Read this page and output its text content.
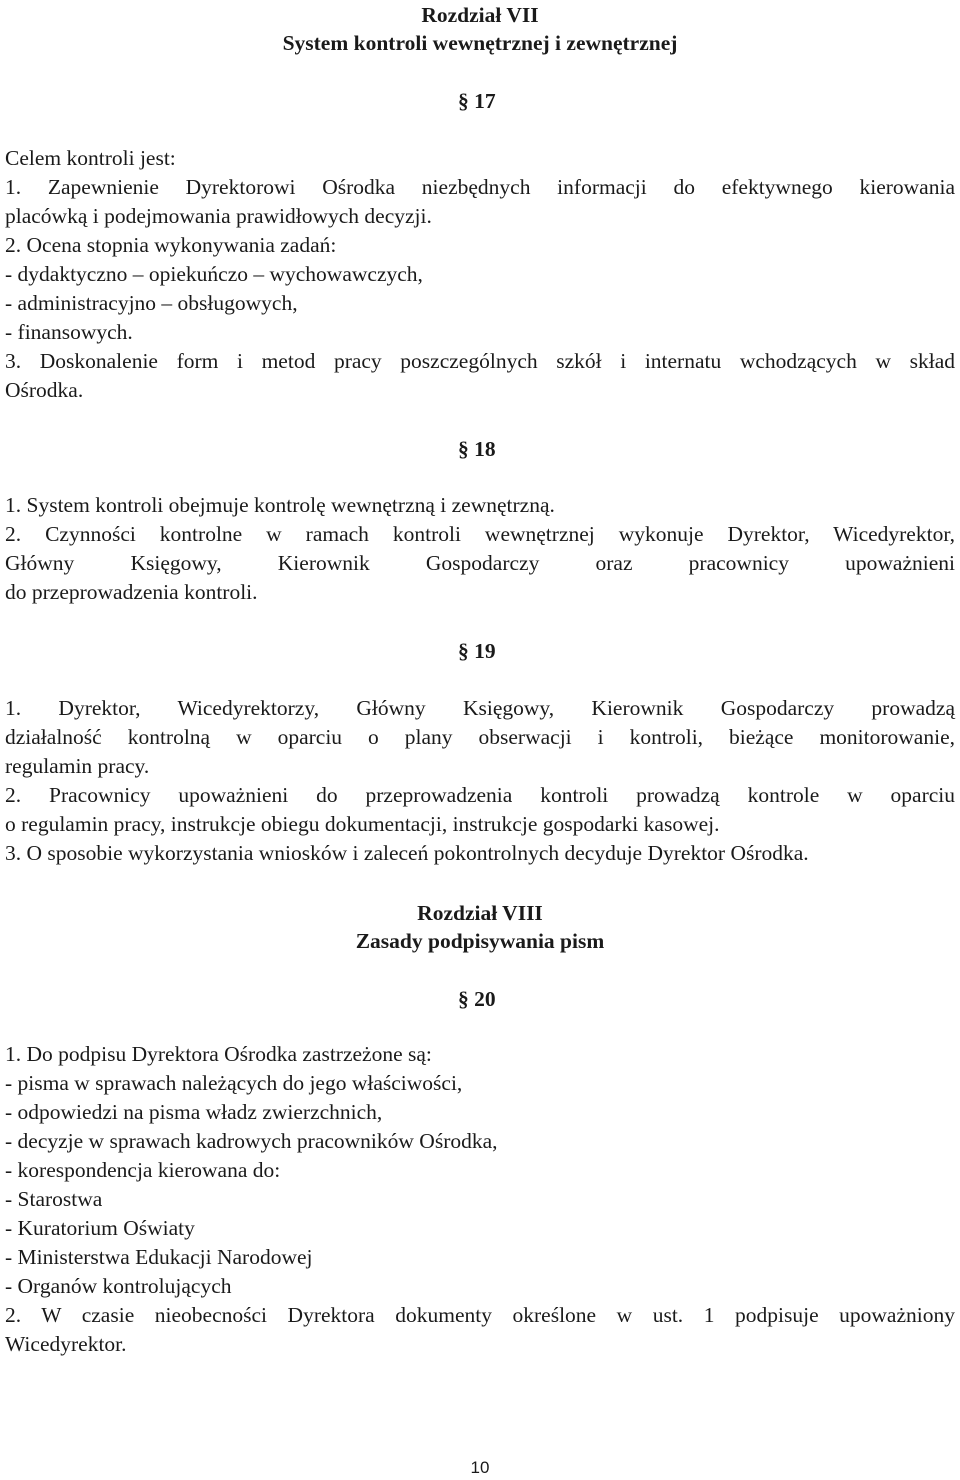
Rozdział VII

System kontroli wewnętrznej i zewnętrznej

§ 17

Celem kontroli jest:

1. Zapewnienie Dyrektorowi Ośrodka niezbędnych informacji do efektywnego kierowania

placówką i podejmowania prawidłowych decyzji.

2. Ocena stopnia wykonywania zadań:

- dydaktyczno – opiekuńczo – wychowawczych,

- administracyjno – obsługowych,

- finansowych.

3. Doskonalenie form i metod pracy poszczególnych szkół i internatu wchodzących w skład

Ośrodka.

§ 18

1. System kontroli obejmuje kontrolę wewnętrzną i zewnętrzną.

2. Czynności kontrolne w ramach kontroli wewnętrznej wykonuje Dyrektor, Wicedyrektor,

Główny Księgowy, Kierownik Gospodarczy oraz pracownicy upoważnieni

do przeprowadzenia kontroli.

§ 19

1. Dyrektor, Wicedyrektorzy, Główny Księgowy, Kierownik Gospodarczy prowadzą

działalność kontrolną w oparciu o plany obserwacji i kontroli, bieżące monitorowanie,

regulamin pracy.

2. Pracownicy upoważnieni do przeprowadzenia kontroli prowadzą kontrole w oparciu

o regulamin pracy, instrukcje obiegu dokumentacji, instrukcje gospodarki kasowej.

3. O sposobie wykorzystania wniosków i zaleceń pokontrolnych decyduje Dyrektor Ośrodka.

Rozdział VIII

Zasady podpisywania pism

§ 20

1. Do podpisu Dyrektora Ośrodka zastrzeżone są:

- pisma w sprawach należących do jego właściwości,

- odpowiedzi na pisma władz zwierzchnich,

- decyzje w sprawach kadrowych pracowników Ośrodka,

- korespondencja kierowana do:

- Starostwa

- Kuratorium Oświaty

- Ministerstwa Edukacji Narodowej

- Organów kontrolujących

2. W czasie nieobecności Dyrektora dokumenty określone w ust. 1 podpisuje upoważniony

Wicedyrektor.

10
